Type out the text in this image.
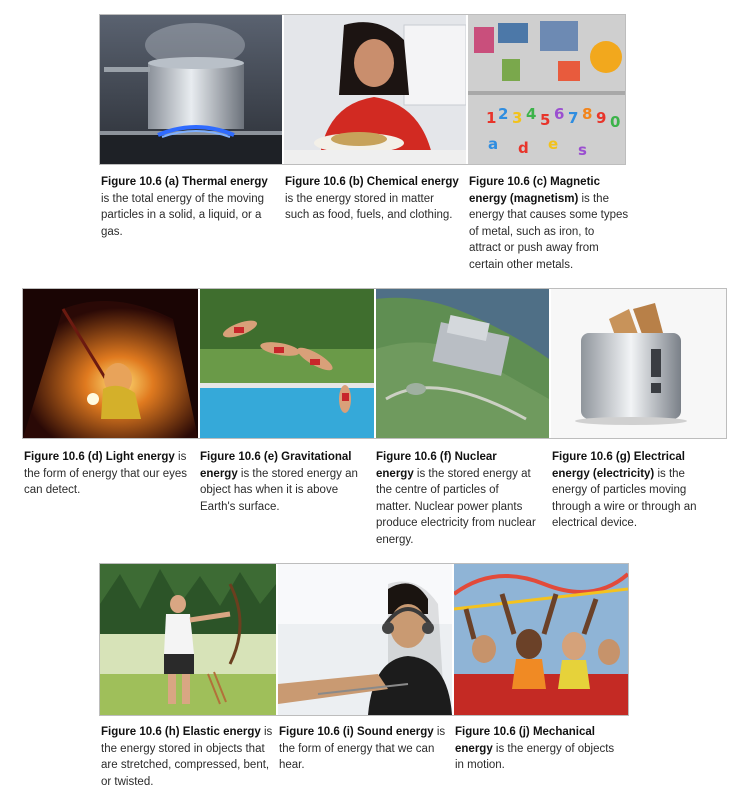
1 2 3 4 5 6 7 8 9 0
a d e s
Figure 10.6 (a) Thermal energy is the total energy of the moving particles in a solid, a liquid, or a gas.
Figure 10.6 (b) Chemical energy is the energy stored in matter such as food, fuels, and clothing.
Figure 10.6 (c) Magnetic energy (magnetism) is the energy that causes some types of metal, such as iron, to attract or push away from certain other metals.
Figure 10.6 (d) Light energy is the form of energy that our eyes can detect.
Figure 10.6 (e) Gravitational energy is the stored energy an object has when it is above Earth's surface.
Figure 10.6 (f) Nuclear energy is the stored energy at the centre of particles of matter. Nuclear power plants produce electricity from nuclear energy.
Figure 10.6 (g) Electrical energy (electricity) is the energy of particles moving through a wire or through an electrical device.
Figure 10.6 (h) Elastic energy is the energy stored in objects that are stretched, compressed, bent, or twisted.
Figure 10.6 (i) Sound energy is the form of energy that we can hear.
Figure 10.6 (j) Mechanical energy is the energy of objects in motion.
